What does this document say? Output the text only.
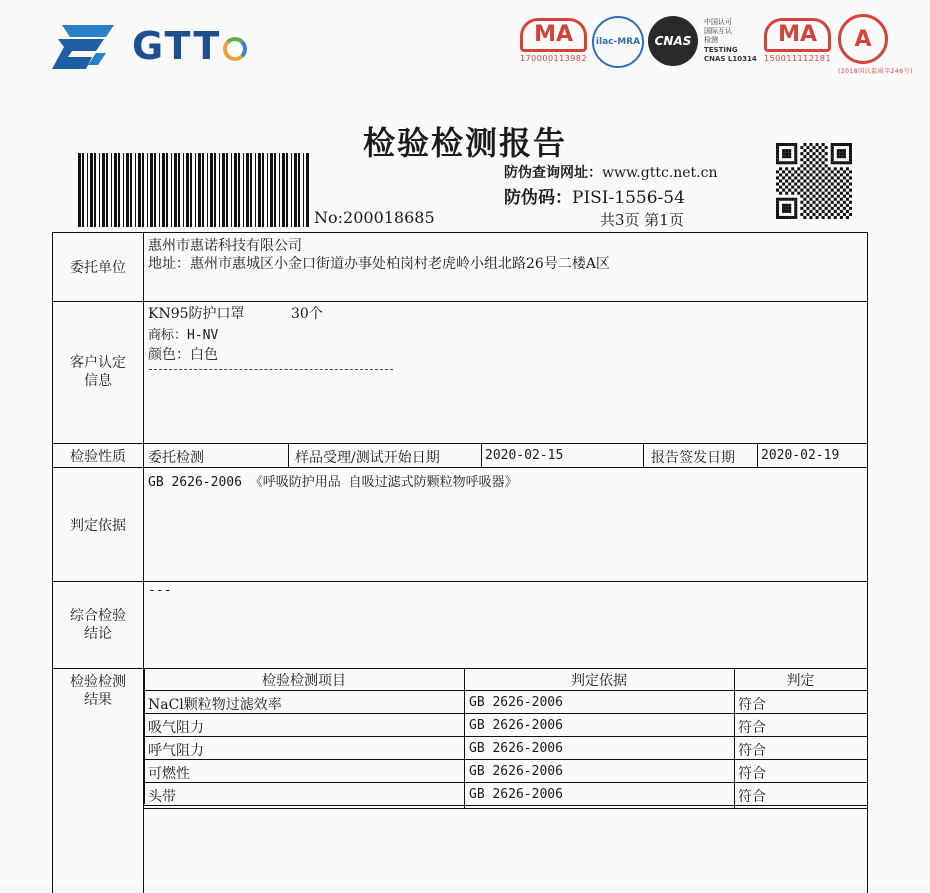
GTT	MA
170000113982
ilac-MRA	CNAS
中国认可
国际互认
检测
TESTING
CNAS L10314
MA
150011112181
A
(2018国认监函字246号)
检验检测报告
No:200018685
防伪查询网址：www.gttc.net.cn
防伪码：PISI-1556-54
共3页 第1页
委托单位
惠州市惠诺科技有限公司
地址：惠州市惠城区小金口街道办事处柏岗村老虎岭小组北路26号二楼A区
客户认定
信息
KN95防护口罩	30个
商标：H-NV
颜色：白色
检验性质	委托检测	样品受理/测试开始日期	2020-02-15	报告签发日期 2020-02-19
判定依据
GB 2626-2006 《呼吸防护用品 自吸过滤式防颗粒物呼吸器》
综合检验
结论
---
检验检测
结果
检验检测项目	判定依据	判定
NaCl颗粒物过滤效率	GB 2626-2006	符合
吸气阻力	GB 2626-2006	符合
呼气阻力	GB 2626-2006	符合
可燃性	GB 2626-2006	符合
头带	GB 2626-2006	符合
